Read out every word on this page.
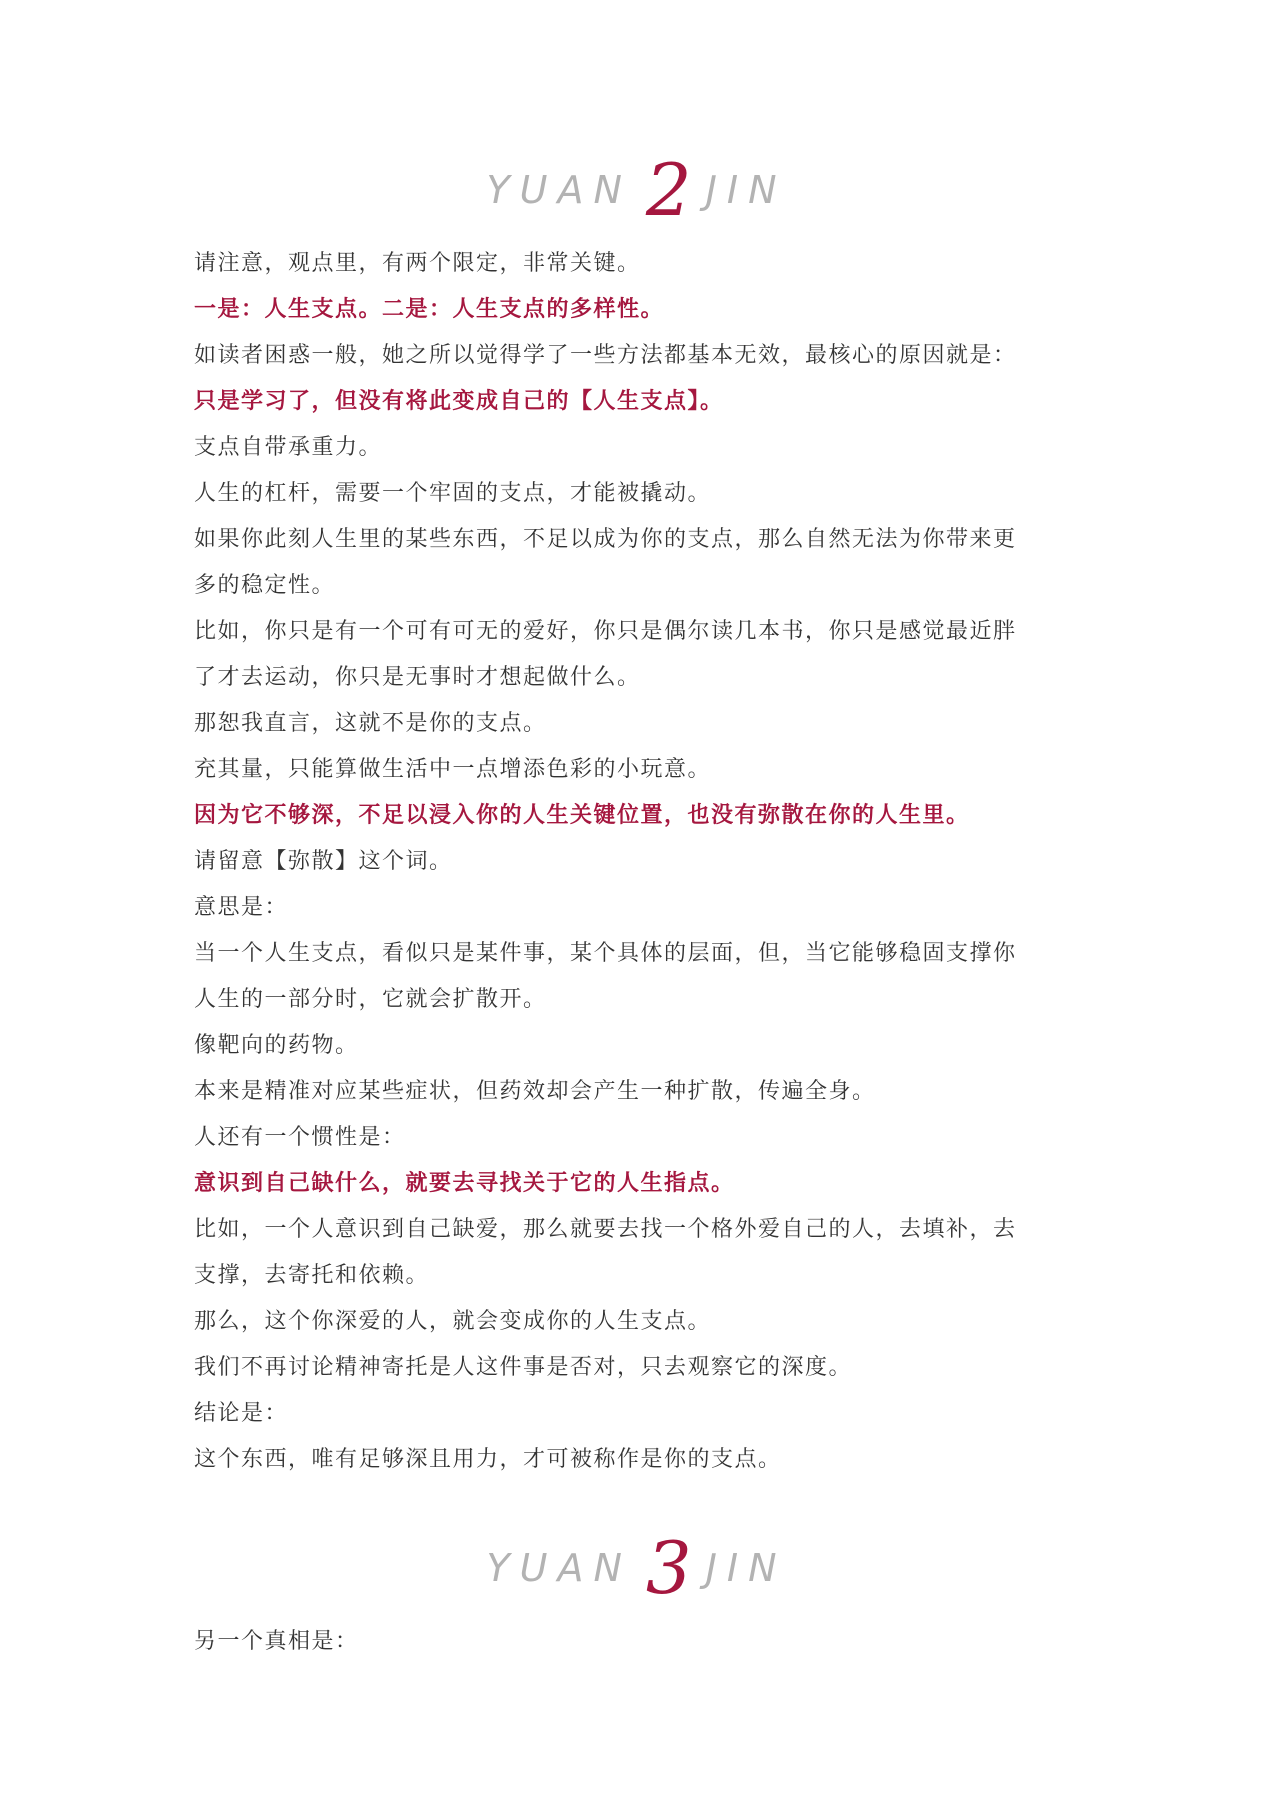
YUAN 2 JIN

请注意，观点里，有两个限定，非常关键。

一是：人生支点。二是：人生支点的多样性。

如读者困惑一般，她之所以觉得学了一些方法都基本无效，最核心的原因就是：

只是学习了，但没有将此变成自己的【人生支点】。

支点自带承重力。

人生的杠杆，需要一个牢固的支点，才能被撬动。

如果你此刻人生里的某些东西，不足以成为你的支点，那么自然无法为你带来更

多的稳定性。

比如，你只是有一个可有可无的爱好，你只是偶尔读几本书，你只是感觉最近胖

了才去运动，你只是无事时才想起做什么。

那恕我直言，这就不是你的支点。

充其量，只能算做生活中一点增添色彩的小玩意。

因为它不够深，不足以浸入你的人生关键位置，也没有弥散在你的人生里。

请留意【弥散】这个词。

意思是：

当一个人生支点，看似只是某件事，某个具体的层面，但，当它能够稳固支撑你

人生的一部分时，它就会扩散开。

像靶向的药物。

本来是精准对应某些症状，但药效却会产生一种扩散，传遍全身。

人还有一个惯性是：

意识到自己缺什么，就要去寻找关于它的人生指点。

比如，一个人意识到自己缺爱，那么就要去找一个格外爱自己的人，去填补，去

支撑，去寄托和依赖。

那么，这个你深爱的人，就会变成你的人生支点。

我们不再讨论精神寄托是人这件事是否对，只去观察它的深度。

结论是：

这个东西，唯有足够深且用力，才可被称作是你的支点。

YUAN 3 JIN

另一个真相是：
